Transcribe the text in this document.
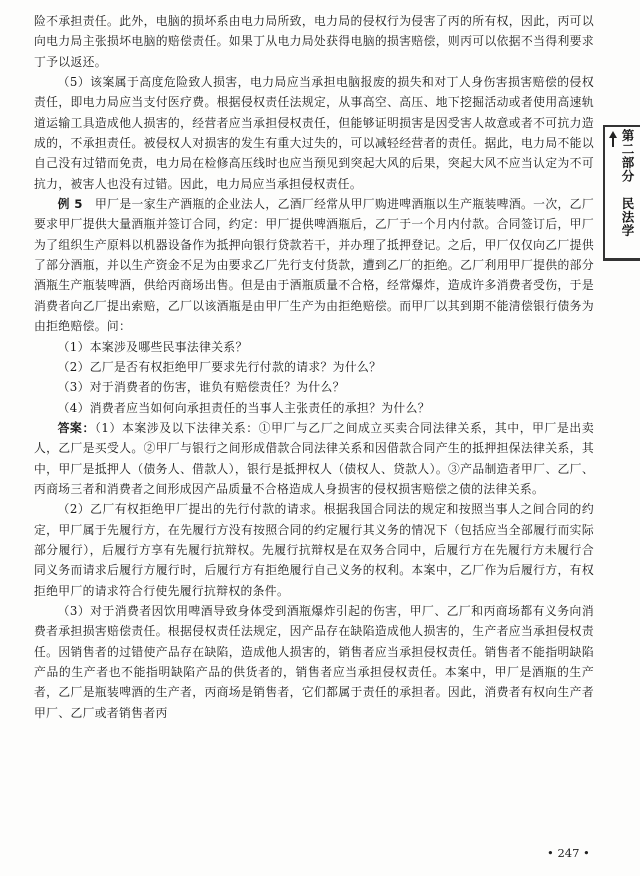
险不承担责任。此外，电脑的损坏系由电力局所致，电力局的侵权行为侵害了丙的所有权，因此，丙可以向电力局主张损坏电脑的赔偿责任。如果丁从电力局处获得电脑的损害赔偿，则丙可以依据不当得利要求丁予以返还。

（5）该案属于高度危险致人损害，电力局应当承担电脑报废的损失和对丁人身伤害损害赔偿的侵权责任，即电力局应当支付医疗费。根据侵权责任法规定，从事高空、高压、地下挖掘活动或者使用高速轨道运输工具造成他人损害的，经营者应当承担侵权责任，但能够证明损害是因受害人故意或者不可抗力造成的，不承担责任。被侵权人对损害的发生有重大过失的，可以减轻经营者的责任。据此，电力局不能以自己没有过错而免责，电力局在检修高压线时也应当预见到突起大风的后果，突起大风不应当认定为不可抗力，被害人也没有过错。因此，电力局应当承担侵权责任。

例 5　甲厂是一家生产酒瓶的企业法人，乙酒厂经常从甲厂购进啤酒瓶以生产瓶装啤酒。一次，乙厂要求甲厂提供大量酒瓶并签订合同，约定：甲厂提供啤酒瓶后，乙厂于一个月内付款。合同签订后，甲厂为了组织生产原料以机器设备作为抵押向银行贷款若干，并办理了抵押登记。之后，甲厂仅仅向乙厂提供了部分酒瓶，并以生产资金不足为由要求乙厂先行支付货款，遭到乙厂的拒绝。乙厂利用甲厂提供的部分酒瓶生产瓶装啤酒，供给丙商场出售。但是由于酒瓶质量不合格，经常爆炸，造成许多消费者受伤，于是消费者向乙厂提出索赔，乙厂以该酒瓶是由甲厂生产为由拒绝赔偿。而甲厂以其到期不能清偿银行债务为由拒绝赔偿。问：

（1）本案涉及哪些民事法律关系？

（2）乙厂是否有权拒绝甲厂要求先行付款的请求？为什么？

（3）对于消费者的伤害，谁负有赔偿责任？为什么？

（4）消费者应当如何向承担责任的当事人主张责任的承担？为什么？

答案：（1）本案涉及以下法律关系：①甲厂与乙厂之间成立买卖合同法律关系，其中，甲厂是出卖人，乙厂是买受人。②甲厂与银行之间形成借款合同法律关系和因借款合同产生的抵押担保法律关系，其中，甲厂是抵押人（债务人、借款人），银行是抵押权人（债权人、贷款人）。③产品制造者甲厂、乙厂、丙商场三者和消费者之间形成因产品质量不合格造成人身损害的侵权损害赔偿之债的法律关系。

（2）乙厂有权拒绝甲厂提出的先行付款的请求。根据我国合同法的规定和按照当事人之间合同的约定，甲厂属于先履行方，在先履行方没有按照合同的约定履行其义务的情况下（包括应当全部履行而实际部分履行），后履行方享有先履行抗辩权。先履行抗辩权是在双务合同中，后履行方在先履行方未履行合同义务而请求后履行方履行时，后履行方有拒绝履行自己义务的权利。本案中，乙厂作为后履行方，有权拒绝甲厂的请求符合行使先履行抗辩权的条件。

（3）对于消费者因饮用啤酒导致身体受到酒瓶爆炸引起的伤害，甲厂、乙厂和丙商场都有义务向消费者承担损害赔偿责任。根据侵权责任法规定，因产品存在缺陷造成他人损害的，生产者应当承担侵权责任。因销售者的过错使产品存在缺陷，造成他人损害的，销售者应当承担侵权责任。销售者不能指明缺陷产品的生产者也不能指明缺陷产品的供货者的，销售者应当承担侵权责任。本案中，甲厂是酒瓶的生产者，乙厂是瓶装啤酒的生产者，丙商场是销售者，它们都属于责任的承担者。因此，消费者有权向生产者甲厂、乙厂或者销售者丙

第二部分
民法学
• 247 •
